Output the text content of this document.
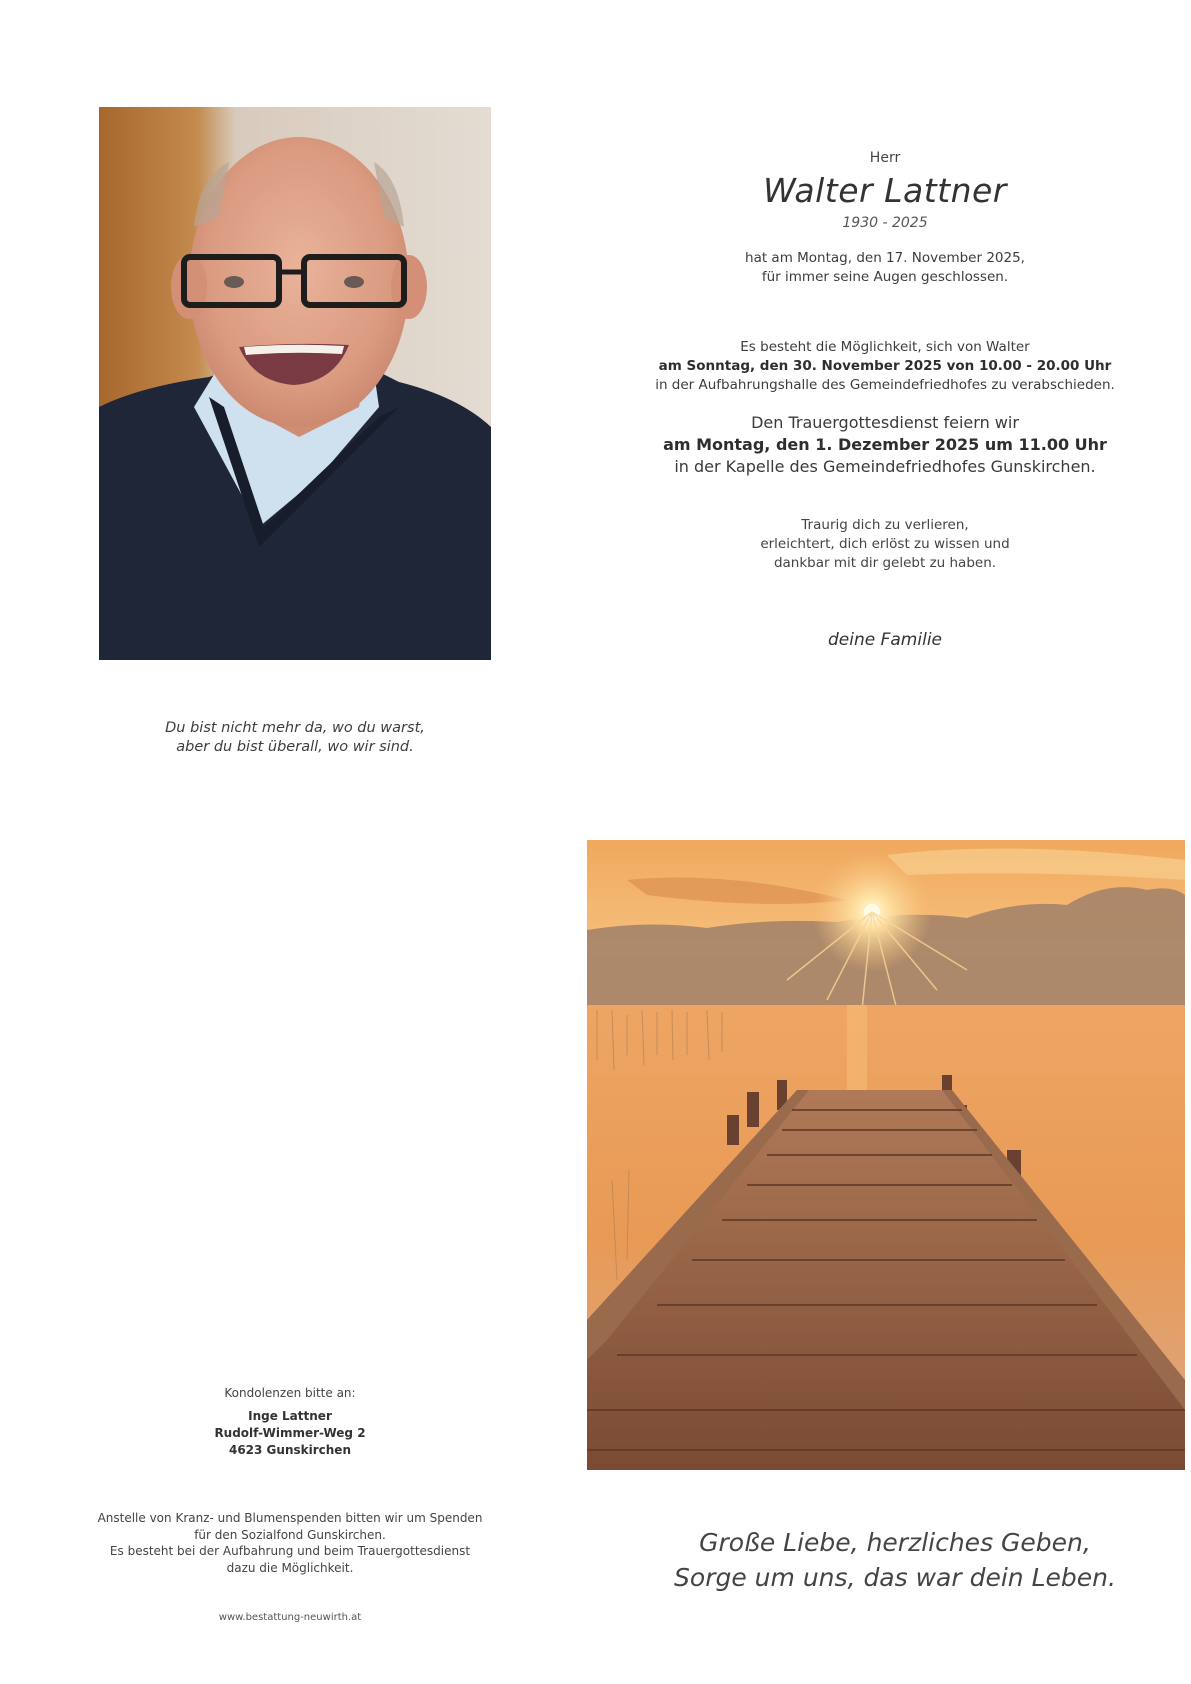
Herr
Walter Lattner
1930 - 2025
hat am Montag, den 17. November 2025,
für immer seine Augen geschlossen.
Es besteht die Möglichkeit, sich von Walter
am Sonntag, den 30. November 2025 von 10.00 - 20.00 Uhr
in der Aufbahrungshalle des Gemeindefriedhofes zu verabschieden.
Den Trauergottesdienst feiern wir
am Montag, den 1. Dezember 2025 um 11.00 Uhr
in der Kapelle des Gemeindefriedhofes Gunskirchen.
Traurig dich zu verlieren,
erleichtert, dich erlöst zu wissen und
dankbar mit dir gelebt zu haben.
deine Familie
Du bist nicht mehr da, wo du warst,
aber du bist überall, wo wir sind.
Große Liebe, herzliches Geben,
Sorge um uns, das war dein Leben.
Kondolenzen bitte an:
Inge Lattner
Rudolf-Wimmer-Weg 2
4623 Gunskirchen
Anstelle von Kranz- und Blumenspenden bitten wir um Spenden
für den Sozialfond Gunskirchen.
Es besteht bei der Aufbahrung und beim Trauergottesdienst
dazu die Möglichkeit.
www.bestattung-neuwirth.at
